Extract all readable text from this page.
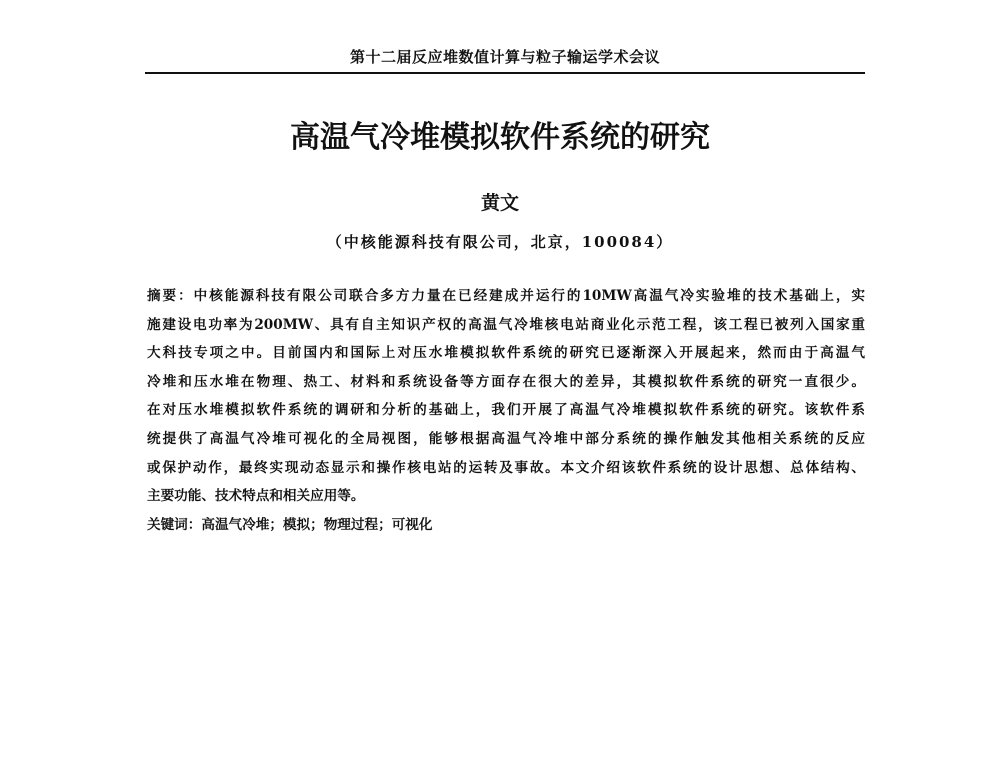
第十二届反应堆数值计算与粒子输运学术会议
高温气冷堆模拟软件系统的研究
黄文
（中核能源科技有限公司，北京，100084）
摘要：中核能源科技有限公司联合多方力量在已经建成并运行的10MW高温气冷实验堆的技术基础上，实
施建设电功率为200MW、具有自主知识产权的高温气冷堆核电站商业化示范工程，该工程已被列入国家重
大科技专项之中。目前国内和国际上对压水堆模拟软件系统的研究已逐渐深入开展起来，然而由于高温气
冷堆和压水堆在物理、热工、材料和系统设备等方面存在很大的差异，其模拟软件系统的研究一直很少。
在对压水堆模拟软件系统的调研和分析的基础上，我们开展了高温气冷堆模拟软件系统的研究。该软件系
统提供了高温气冷堆可视化的全局视图，能够根据高温气冷堆中部分系统的操作触发其他相关系统的反应
或保护动作，最终实现动态显示和操作核电站的运转及事故。本文介绍该软件系统的设计思想、总体结构、
主要功能、技术特点和相关应用等。
关键词：高温气冷堆；模拟；物理过程；可视化
